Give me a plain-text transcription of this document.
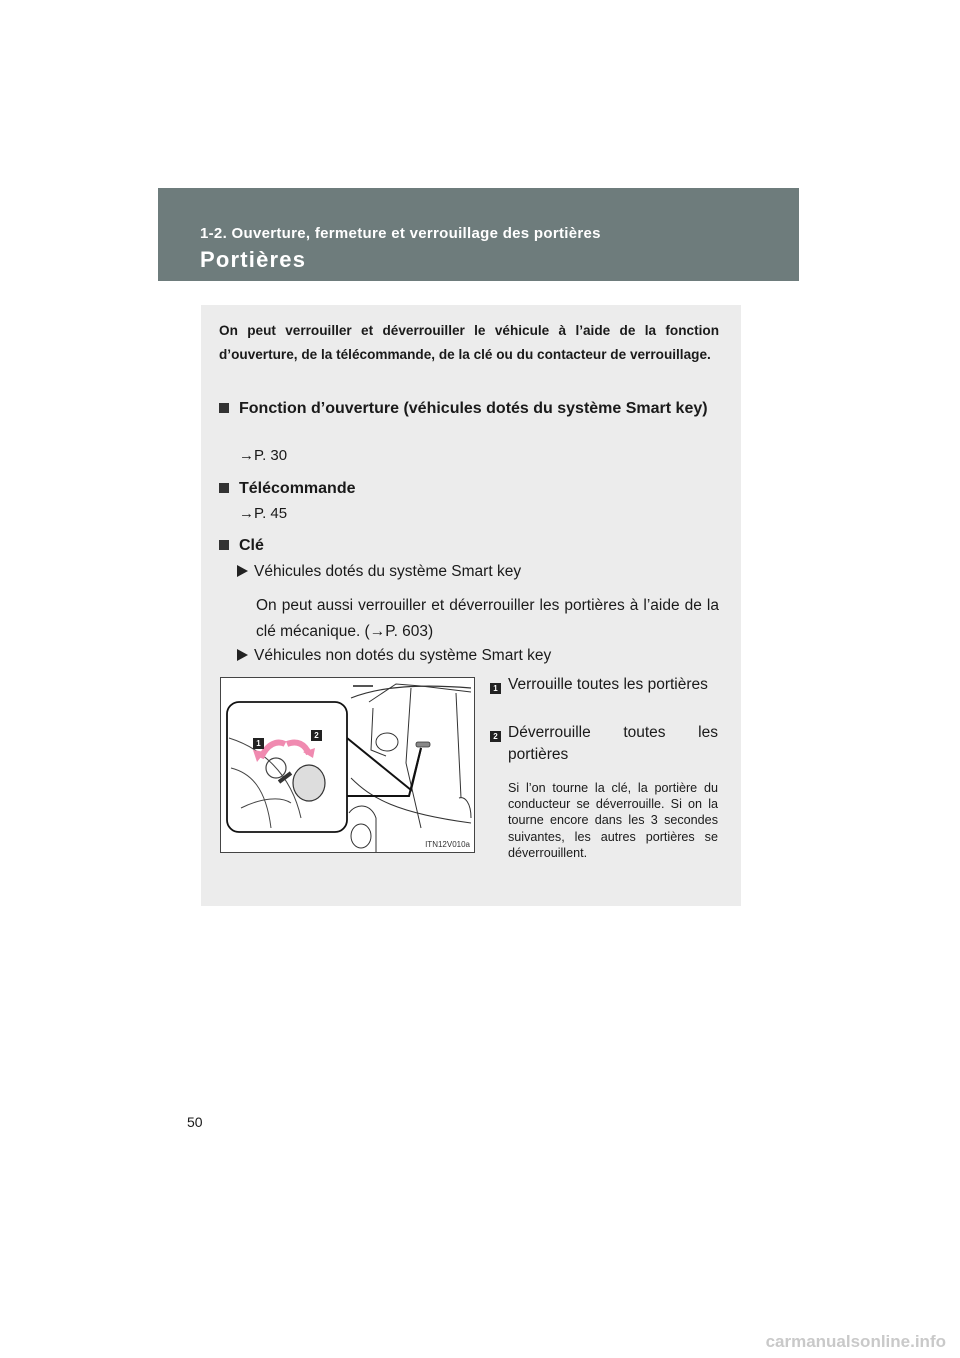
1-2. Ouverture, fermeture et verrouillage des portières
Portières
On peut verrouiller et déverrouiller le véhicule à l’aide de la fonction d’ouverture, de la télécommande, de la clé ou du contacteur de verrouillage.
Fonction d’ouverture (véhicules dotés du système Smart key)
→P. 30
Télécommande
→P. 45
Clé
Véhicules dotés du système Smart key
On peut aussi verrouiller et déverrouiller les portières à l’aide de la clé mécanique. (→P. 603)
Véhicules non dotés du système Smart key
1
2
ITN12V010a
1 Verrouille toutes les portières
2 Déverrouille toutes les portières
Si l’on tourne la clé, la portière du conducteur se déverrouille. Si on la tourne encore dans les 3 secondes suivantes, les autres portières se déverrouillent.
50
carmanualsonline.info
